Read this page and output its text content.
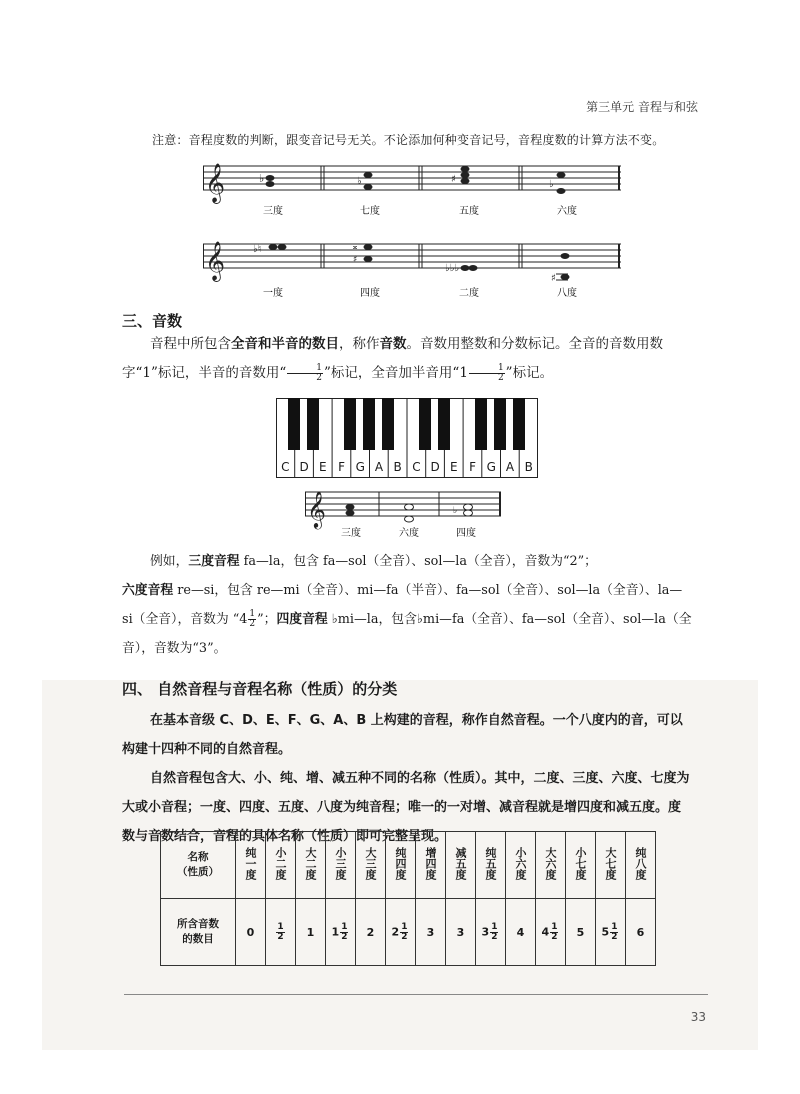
第三单元 音程与和弦
注意：音程度数的判断，跟变音记号无关。不论添加何种变音记号，音程度数的计算方法不变。
𝄞	♭	♭	♯	♭
三度	七度	五度	六度
𝄞	♭♮	𝄪
♯
♭♭♭
♯
一度	四度	二度	八度
三、音数

音程中所包含全音和半音的数目，称作音数。音数用整数和分数标记。全音的音数用数字“1”标记，半音的音数用“ $\frac{1}{2}$ ”标记，全音加半音用“$1 \frac{1}{2}$ ”标记。

C D E F G A B C D E F G A B
𝄞	♭
三度	六度	四度

例如，三度音程 fa—la，包含 fa—sol（全音）、sol—la（全音），音数为“2”；

六度音程 re—si，包含 re—mi（全音）、mi—fa（半音）、fa—sol（全音）、sol—la（全音）、la—si（全音），音数为 “$4 \frac{1}{2}$ ”；四度音程 ♭mi—la，包含♭mi—fa（全音）、fa—sol（全音）、sol—la（全音），音数为“3”。

四、 自然音程与音程名称（性质）的分类

在基本音级 C、D、E、F、G、A、B 上构建的音程，称作自然音程。一个八度内的音，可以构建十四种不同的自然音程。

自然音程包含大、小、纯、增、减五种不同的名称（性质）。其中，二度、三度、六度、七度为大或小音程；一度、四度、五度、八度为纯音程；唯一的一对增、减音程就是增四度和减五度。度数与音数结合，音程的具体名称（性质）即可完整呈现。

名称
（性质）	纯一度	小二度	大二度	小三度	大三度	纯四度	增四度	减五度	纯五度	小六度	大六度	小七度	大七度	纯八度
所含音数
的数目	0	$\frac{1}{2}$	1	$1 \frac{1}{2}$	2	$2 \frac{1}{2}$	3	3	$3 \frac{1}{2}$	4	$4 \frac{1}{2}$	5	$5 \frac{1}{2}$	6
33
